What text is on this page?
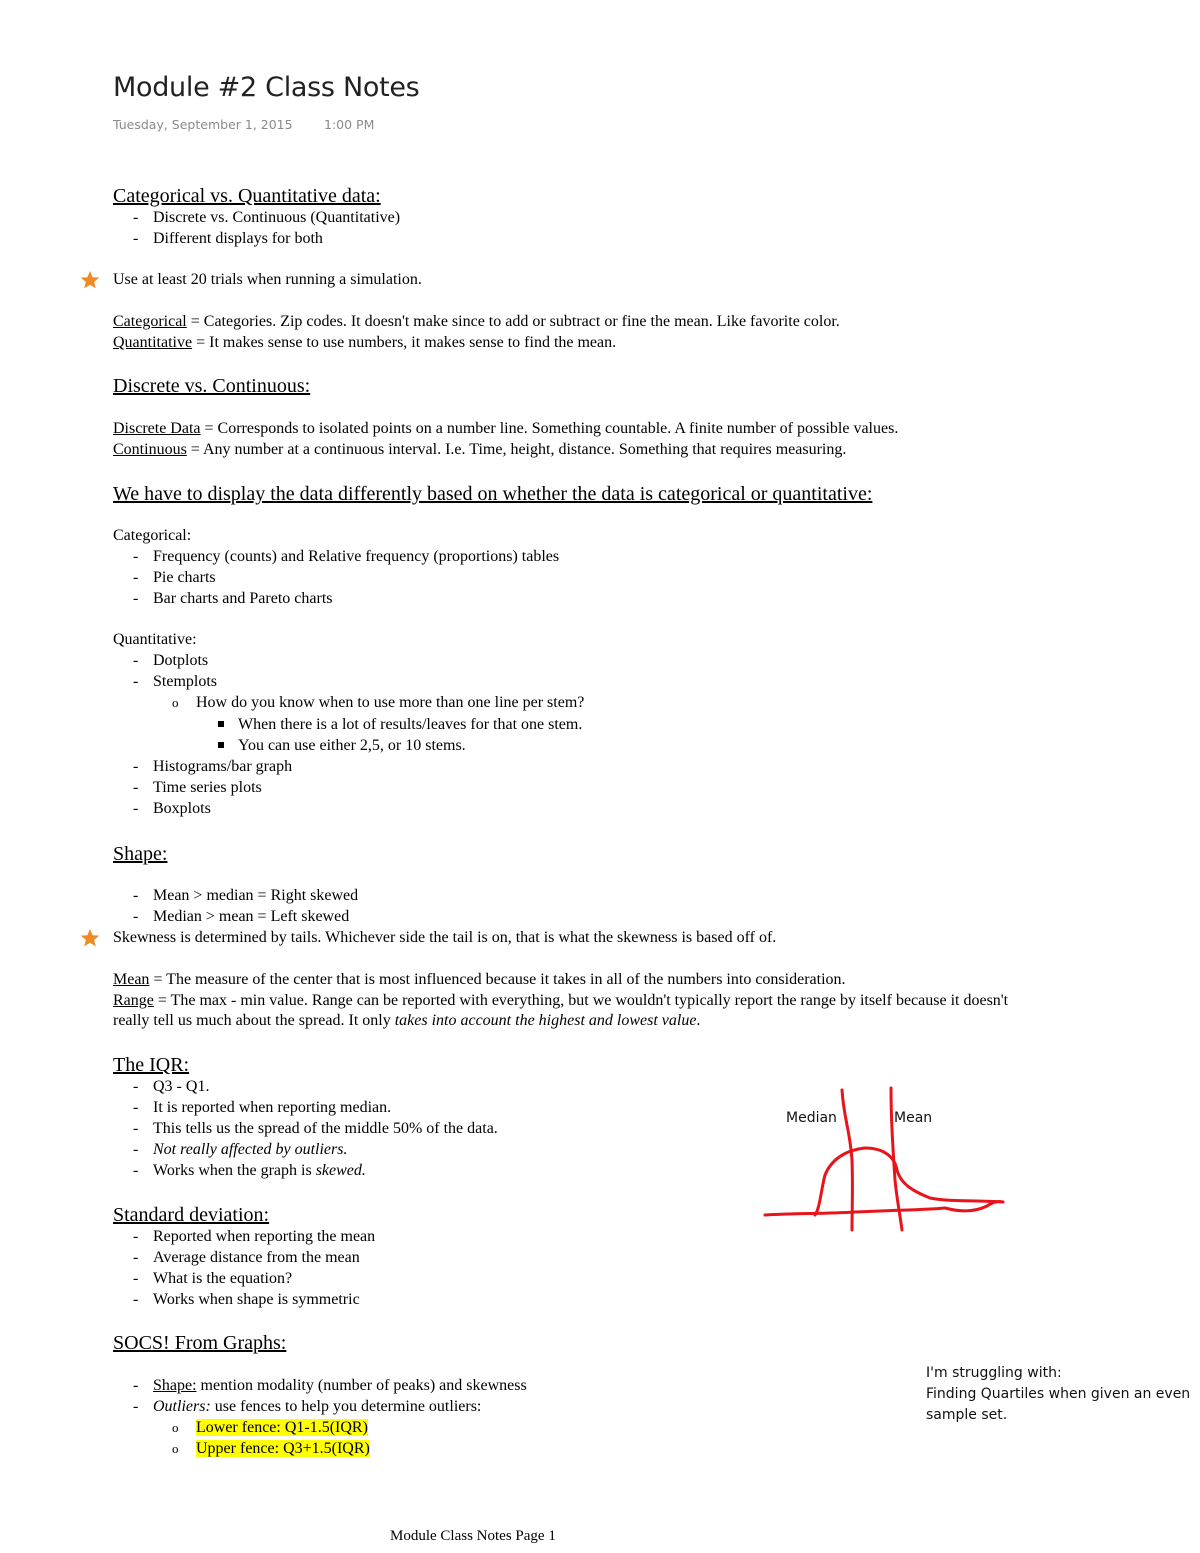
Module #2 Class Notes
Tuesday, September 1, 2015	1:00 PM
Categorical vs. Quantitative data:
- Discrete vs. Continuous (Quantitative)
- Different displays for both
Use at least 20 trials when running a simulation.
Categorical = Categories. Zip codes. It doesn't make since to add or subtract or fine the mean. Like favorite color.
Quantitative = It makes sense to use numbers, it makes sense to find the mean.
Discrete vs. Continuous:
Discrete Data = Corresponds to isolated points on a number line. Something countable. A finite number of possible values.
Continuous = Any number at a continuous interval. I.e. Time, height, distance. Something that requires measuring.
We have to display the data differently based on whether the data is categorical or quantitative:
Categorical:
- Frequency (counts) and Relative frequency (proportions) tables
- Pie charts
- Bar charts and Pareto charts
Quantitative:
- Dotplots
- Stemplots
o How do you know when to use more than one line per stem?
When there is a lot of results/leaves for that one stem.
You can use either 2,5, or 10 stems.
- Histograms/bar graph
- Time series plots
- Boxplots
Shape:
- Mean > median = Right skewed
- Median > mean = Left skewed
Skewness is determined by tails. Whichever side the tail is on, that is what the skewness is based off of.
Mean = The measure of the center that is most influenced because it takes in all of the numbers into consideration.
Range = The max - min value. Range can be reported with everything, but we wouldn't typically report the range by itself because it doesn't
really tell us much about the spread. It only takes into account the highest and lowest value.
The IQR:
- Q3 - Q1.
- It is reported when reporting median.
- This tells us the spread of the middle 50% of the data.
- Not really affected by outliers.
- Works when the graph is skewed.
Standard deviation:
- Reported when reporting the mean
- Average distance from the mean
- What is the equation?
- Works when shape is symmetric
SOCS! From Graphs:
- Shape: mention modality (number of peaks) and skewness
- Outliers: use fences to help you determine outliers:
o Lower fence: Q1-1.5(IQR)
o Upper fence: Q3+1.5(IQR)
Median	Mean
I'm struggling with:
Finding Quartiles when given an even
sample set.
Module Class Notes Page 1
